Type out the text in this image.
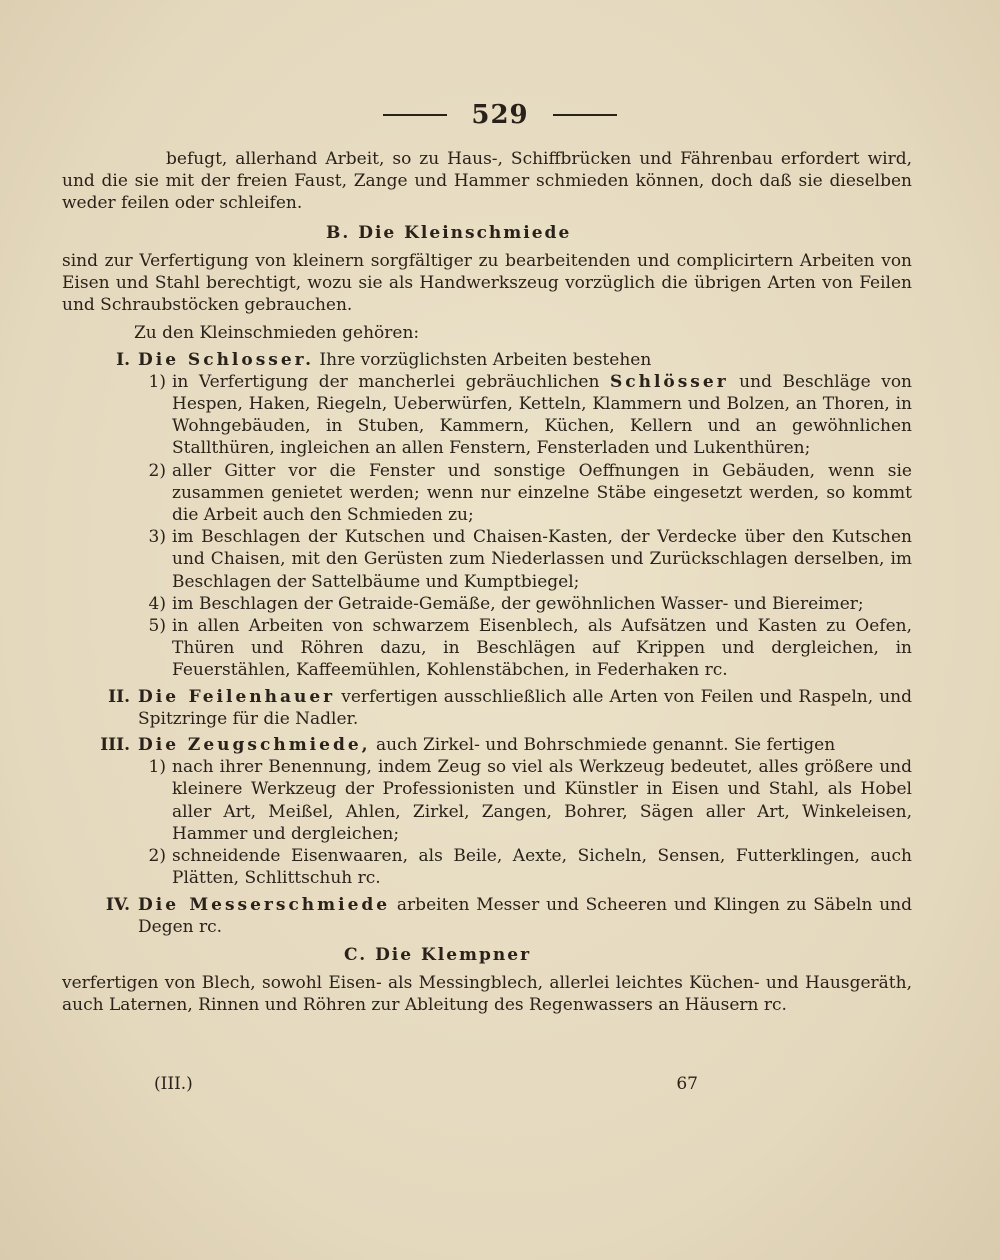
529

befugt, allerhand Arbeit, so zu Haus-, Schiffbrücken und Fährenbau erfordert wird, und die sie mit der freien Faust, Zange und Hammer schmieden können, doch daß sie dieselben weder feilen oder schleifen.

B. Die Kleinschmiede

sind zur Verfertigung von kleinern sorgfältiger zu bearbeitenden und complicirtern Arbeiten von Eisen und Stahl berechtigt, wozu sie als Handwerkszeug vorzüglich die übrigen Arten von Feilen und Schraubstöcken gebrauchen.

Zu den Kleinschmieden gehören:

I. Die Schlosser. Ihre vorzüglichsten Arbeiten bestehen
1) in Verfertigung der mancherlei gebräuchlichen Schlösser und Beschläge von Hespen, Haken, Riegeln, Ueberwürfen, Ketteln, Klammern und Bolzen, an Thoren, in Wohngebäuden, in Stuben, Kammern, Küchen, Kellern und an gewöhnlichen Stallthüren, ingleichen an allen Fenstern, Fensterladen und Lukenthüren;
2) aller Gitter vor die Fenster und sonstige Oeffnungen in Gebäuden, wenn sie zusammen genietet werden; wenn nur einzelne Stäbe eingesetzt werden, so kommt die Arbeit auch den Schmieden zu;
3) im Beschlagen der Kutschen und Chaisen-Kasten, der Verdecke über den Kutschen und Chaisen, mit den Gerüsten zum Niederlassen und Zurückschlagen derselben, im Beschlagen der Sattelbäume und Kumptbiegel;
4) im Beschlagen der Getraide-Gemäße, der gewöhnlichen Wasser- und Biereimer;
5) in allen Arbeiten von schwarzem Eisenblech, als Aufsätzen und Kasten zu Oefen, Thüren und Röhren dazu, in Beschlägen auf Krippen und dergleichen, in Feuerstählen, Kaffeemühlen, Kohlenstäbchen, in Federhaken rc.
II. Die Feilenhauer verfertigen ausschließlich alle Arten von Feilen und Raspeln, und Spitzringe für die Nadler.
III. Die Zeugschmiede, auch Zirkel- und Bohrschmiede genannt. Sie fertigen
1) nach ihrer Benennung, indem Zeug so viel als Werkzeug bedeutet, alles größere und kleinere Werkzeug der Professionisten und Künstler in Eisen und Stahl, als Hobel aller Art, Meißel, Ahlen, Zirkel, Zangen, Bohrer, Sägen aller Art, Winkeleisen, Hammer und dergleichen;
2) schneidende Eisenwaaren, als Beile, Aexte, Sicheln, Sensen, Futterklingen, auch Plätten, Schlittschuh rc.
IV. Die Messerschmiede arbeiten Messer und Scheeren und Klingen zu Säbeln und Degen rc.
C. Die Klempner

verfertigen von Blech, sowohl Eisen- als Messingblech, allerlei leichtes Küchen- und Hausgeräth, auch Laternen, Rinnen und Röhren zur Ableitung des Regenwassers an Häusern rc.

(III.)	67
